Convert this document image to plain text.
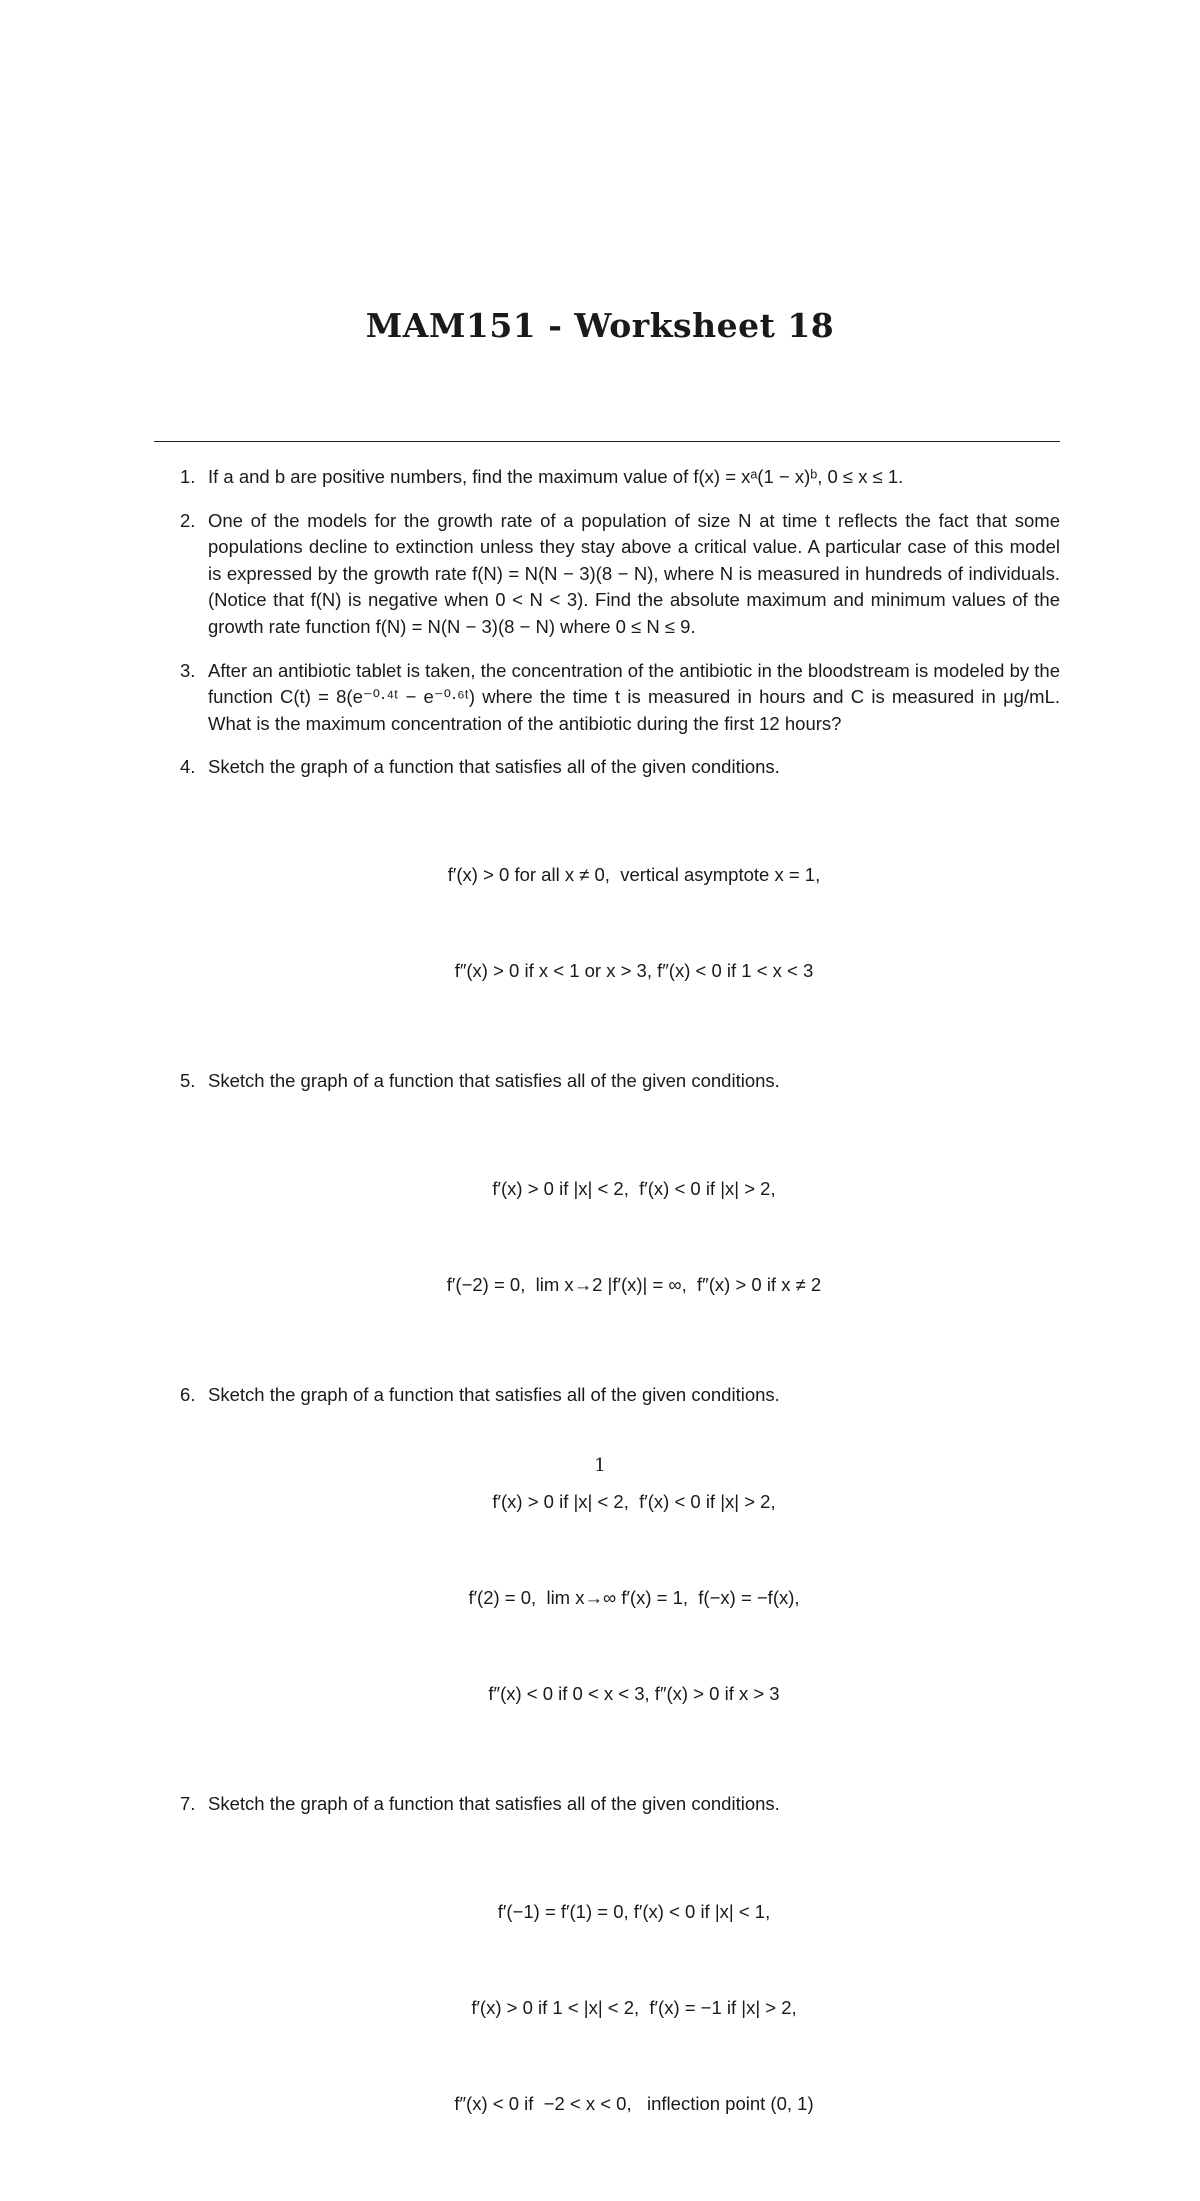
MAM151 - Worksheet 18
1. If a and b are positive numbers, find the maximum value of f(x) = xᵃ(1 − x)ᵇ, 0 ≤ x ≤ 1.
2. One of the models for the growth rate of a population of size N at time t reflects the fact that some populations decline to extinction unless they stay above a critical value. A particular case of this model is expressed by the growth rate f(N) = N(N − 3)(8 − N), where N is measured in hundreds of individuals. (Notice that f(N) is negative when 0 < N < 3). Find the absolute maximum and minimum values of the growth rate function f(N) = N(N − 3)(8 − N) where 0 ≤ N ≤ 9.
3. After an antibiotic tablet is taken, the concentration of the antibiotic in the bloodstream is modeled by the function C(t) = 8(e⁻⁰·⁴ᵗ − e⁻⁰·⁶ᵗ) where the time t is measured in hours and C is measured in μg/mL. What is the maximum concentration of the antibiotic during the first 12 hours?
4. Sketch the graph of a function that satisfies all of the given conditions.

f′(x) > 0 for all x ≠ 0,  vertical asymptote x = 1,

f″(x) > 0 if x < 1 or x > 3, f″(x) < 0 if 1 < x < 3

5. Sketch the graph of a function that satisfies all of the given conditions.

f′(x) > 0 if |x| < 2,  f′(x) < 0 if |x| > 2,

f′(−2) = 0,  lim x→2 |f′(x)| = ∞,  f″(x) > 0 if x ≠ 2

6. Sketch the graph of a function that satisfies all of the given conditions.

f′(x) > 0 if |x| < 2,  f′(x) < 0 if |x| > 2,

f′(2) = 0,  lim x→∞ f′(x) = 1,  f(−x) = −f(x),

f″(x) < 0 if 0 < x < 3, f″(x) > 0 if x > 3

7. Sketch the graph of a function that satisfies all of the given conditions.

f′(−1) = f′(1) = 0, f′(x) < 0 if |x| < 1,

f′(x) > 0 if 1 < |x| < 2,  f′(x) = −1 if |x| > 2,

f″(x) < 0 if  −2 < x < 0,   inflection point (0, 1)

1
